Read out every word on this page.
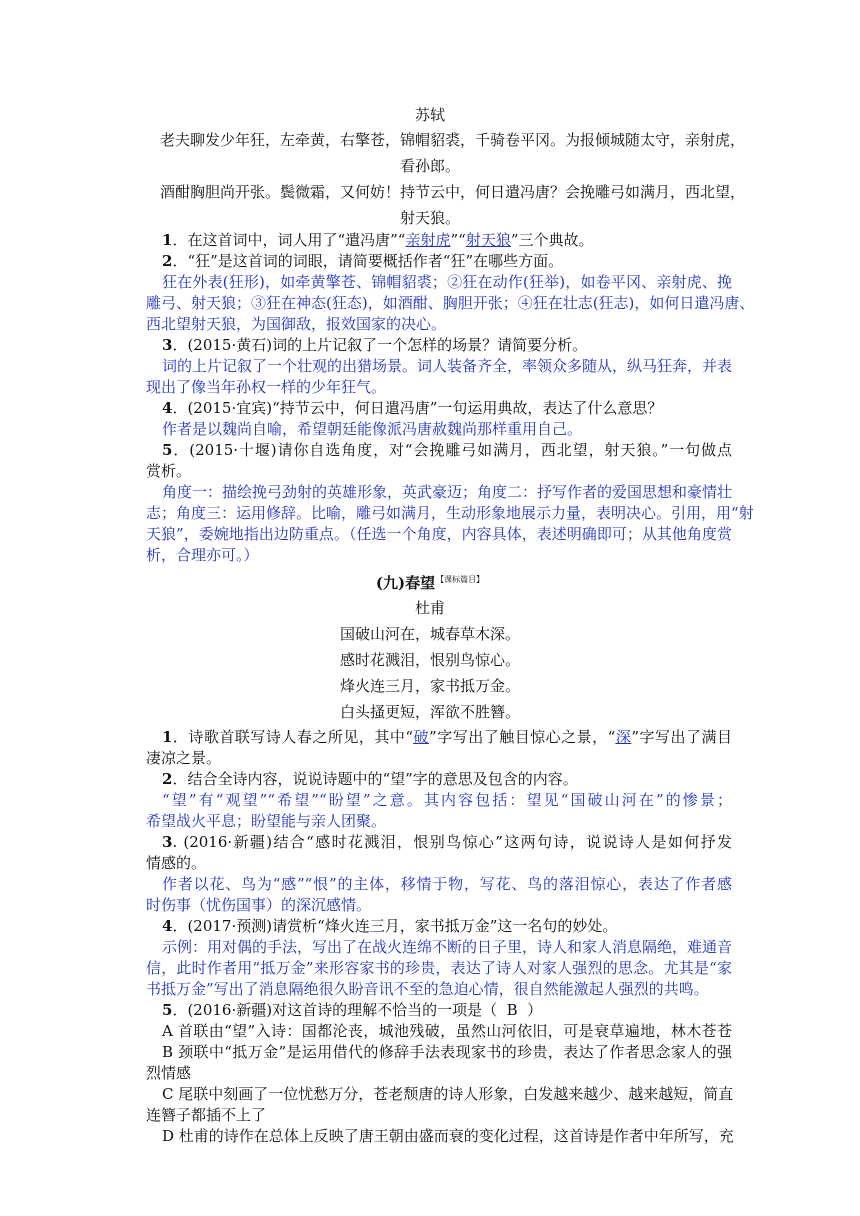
苏轼
老夫聊发少年狂，左牵黄，右擎苍，锦帽貂裘，千骑卷平冈。为报倾城随太守，亲射虎，
看孙郎。
酒酣胸胆尚开张。鬓微霜，又何妨！持节云中，何日遣冯唐？会挽雕弓如满月，西北望，
射天狼。
1．在这首词中，词人用了“遣冯唐”“亲射虎”“射天狼”三个典故。
2．“狂”是这首词的词眼，请简要概括作者“狂”在哪些方面。
狂在外表(狂形)，如牵黄擎苍、锦帽貂裘；②狂在动作(狂举)，如卷平冈、亲射虎、挽
雕弓、射天狼；③狂在神态(狂态)，如酒酣、胸胆开张；④狂在壮志(狂志)，如何日遣冯唐、
西北望射天狼，为国御敌，报效国家的决心。
3．(2015·黄石)词的上片记叙了一个怎样的场景？请简要分析。
词的上片记叙了一个壮观的出猎场景。词人装备齐全，率领众多随从，纵马狂奔，并表
现出了像当年孙权一样的少年狂气。
4．(2015·宜宾)“持节云中，何日遣冯唐”一句运用典故，表达了什么意思？
作者是以魏尚自喻，希望朝廷能像派冯唐赦魏尚那样重用自己。
5．(2015·十堰)请你自选角度，对“会挽雕弓如满月，西北望，射天狼。”一句做点
赏析。
角度一：描绘挽弓劲射的英雄形象，英武豪迈；角度二：抒写作者的爱国思想和豪情壮
志；角度三：运用修辞。比喻，雕弓如满月，生动形象地展示力量，表明决心。引用，用“射
天狼”，委婉地指出边防重点。（任选一个角度，内容具体，表述明确即可；从其他角度赏
析，合理亦可。）
(九)春望$^{【课标篇目】}$
杜甫
国破山河在，城春草木深。
感时花溅泪，恨别鸟惊心。
烽火连三月，家书抵万金。
白头搔更短，浑欲不胜簪。
1．诗歌首联写诗人春之所见，其中“破”字写出了触目惊心之景，“深”字写出了满目
凄凉之景。
2．结合全诗内容，说说诗题中的“望”字的意思及包含的内容。
“望”有“观望”“希望”“盼望”之意。其内容包括：望见“国破山河在”的惨景；
希望战火平息；盼望能与亲人团聚。
3. (2016·新疆)结合“感时花溅泪，恨别鸟惊心”这两句诗，说说诗人是如何抒发
情感的。
作者以花、鸟为“感”“恨”的主体，移情于物，写花、鸟的落泪惊心，表达了作者感
时伤事（忧伤国事）的深沉感情。
4．(2017·预测)请赏析“烽火连三月，家书抵万金”这一名句的妙处。
示例：用对偶的手法，写出了在战火连绵不断的日子里，诗人和家人消息隔绝，难通音
信，此时作者用“抵万金”来形容家书的珍贵，表达了诗人对家人强烈的思念。尤其是“家
书抵万金”写出了消息隔绝很久盼音讯不至的急迫心情，很自然能激起人强烈的共鸣。
5．(2016·新疆)对这首诗的理解不恰当的一项是（ B ）
A 首联由“望”入诗：国都沦丧，城池残破，虽然山河依旧，可是衰草遍地，林木苍苍
B 颈联中“抵万金”是运用借代的修辞手法表现家书的珍贵，表达了作者思念家人的强
烈情感
C 尾联中刻画了一位忧愁万分，苍老颓唐的诗人形象，白发越来越少、越来越短，简直
连簪子都插不上了
D 杜甫的诗作在总体上反映了唐王朝由盛而衰的变化过程，这首诗是作者中年所写，充
